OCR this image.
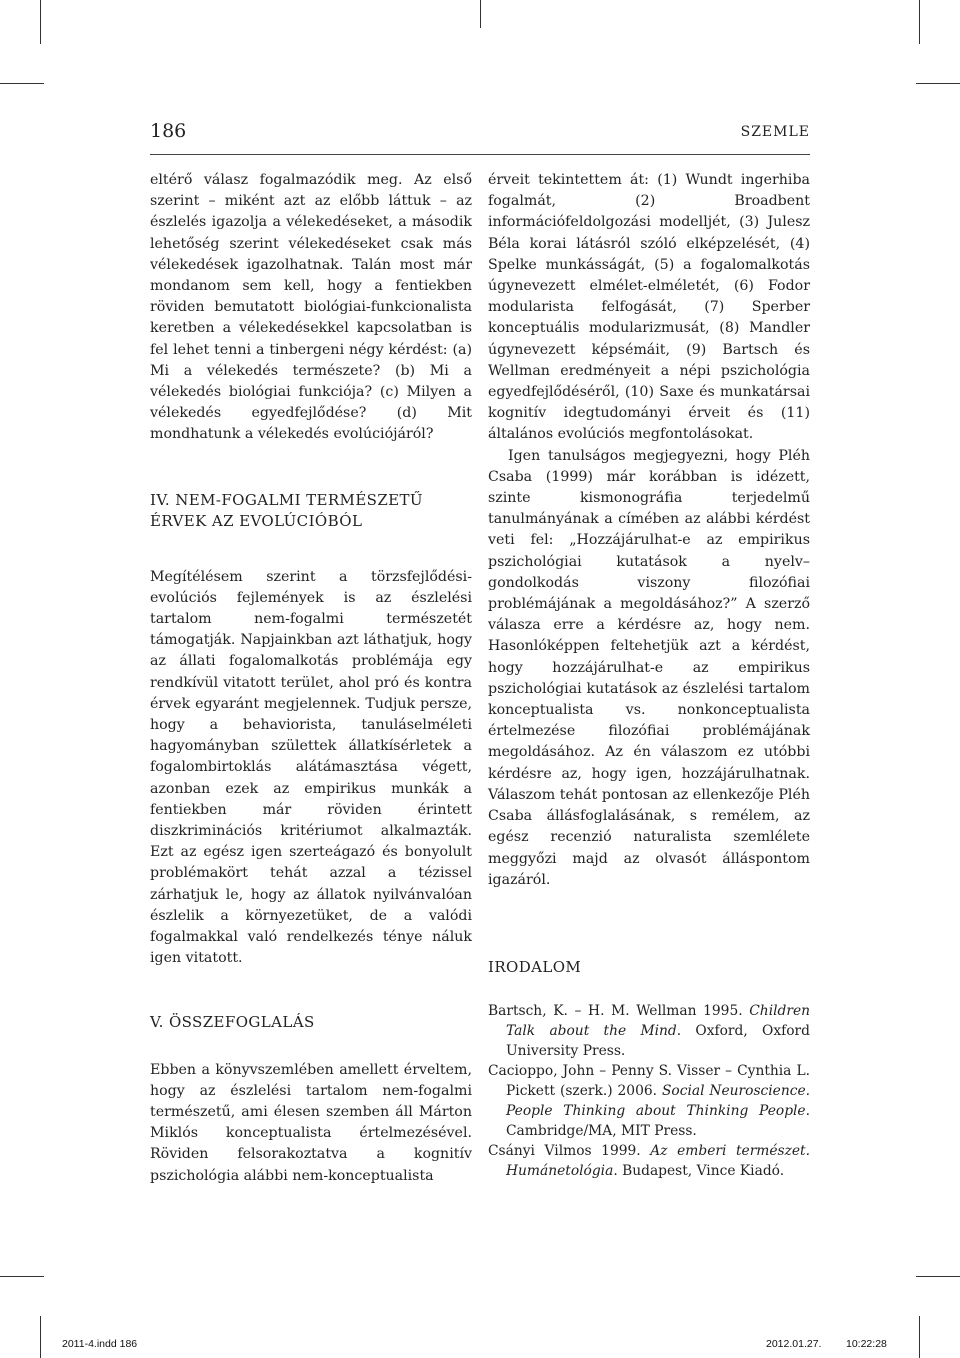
186	SZEMLE

eltérő válasz fogalmazódik meg. Az első szerint – miként azt az előbb láttuk – az észlelés igazolja a vélekedéseket, a második lehetőség szerint vélekedéseket csak más vélekedések igazolhatnak. Talán most már mondanom sem kell, hogy a fentiekben röviden bemutatott biológiai-funkcionalista keretben a vélekedésekkel kapcsolatban is fel lehet tenni a tinbergeni négy kérdést: (a) Mi a vélekedés természete? (b) Mi a vélekedés biológiai funkciója? (c) Milyen a vélekedés egyedfejlődése? (d) Mit mondhatunk a vélekedés evolúciójáról?

IV. NEM-FOGALMI TERMÉSZETŰ

ÉRVEK AZ EVOLÚCIÓBÓL

Megítélésem szerint a törzsfejlődési-evolúciós fejlemények is az észlelési tartalom nem-fogalmi természetét támogatják. Napjainkban azt láthatjuk, hogy az állati fogalomalkotás problémája egy rendkívül vitatott terület, ahol pró és kontra érvek egyaránt megjelennek. Tudjuk persze, hogy a behaviorista, tanuláselméleti hagyományban születtek állatkísérletek a fogalombirtoklás alátámasztása végett, azonban ezek az empirikus munkák a fentiekben már röviden érintett diszkriminációs kritériumot alkalmazták. Ezt az egész igen szerteágazó és bonyolult problémakört tehát azzal a tézissel zárhatjuk le, hogy az állatok nyilvánvalóan észlelik a környezetüket, de a valódi fogalmakkal való rendelkezés ténye náluk igen vitatott.

V. ÖSSZEFOGLALÁS

Ebben a könyvszemlében amellett érveltem, hogy az észlelési tartalom nem-fogalmi természetű, ami élesen szemben áll Márton Miklós konceptualista értelmezésével. Röviden felsorakoztatva a kognitív pszichológia alábbi nem-konceptualista

érveit tekintettem át: (1) Wundt ingerhiba fogalmát, (2) Broadbent információfeldolgozási modelljét, (3) Julesz Béla korai látásról szóló elképzelését, (4) Spelke munkásságát, (5) a fogalomalkotás úgynevezett elmélet-elméletét, (6) Fodor modularista felfogását, (7) Sperber konceptuális modularizmusát, (8) Mandler úgynevezett képsémáit, (9) Bartsch és Wellman eredményeit a népi pszichológia egyedfejlődéséről, (10) Saxe és munkatársai kognitív idegtudományi érveit és (11) általános evolúciós megfontolásokat.

Igen tanulságos megjegyezni, hogy Pléh Csaba (1999) már korábban is idézett, szinte kismonográfia terjedelmű tanulmányának a címében az alábbi kérdést veti fel: „Hozzájárulhat-e az empirikus pszichológiai kutatások a nyelv–gondolkodás viszony filozófiai problémájának a megoldásához?” A szerző válasza erre a kérdésre az, hogy nem. Hasonlóképpen feltehetjük azt a kérdést, hogy hozzájárulhat-e az empirikus pszichológiai kutatások az észlelési tartalom konceptualista vs. nonkonceptualista értelmezése filozófiai problémájának megoldásához. Az én válaszom ez utóbbi kérdésre az, hogy igen, hozzájárulhatnak. Válaszom tehát pontosan az ellenkezője Pléh Csaba állásfoglalásának, s remélem, az egész recenzió naturalista szemlélete meggyőzi majd az olvasót álláspontom igazáról.

IRODALOM

Bartsch, K. – H. M. Wellman 1995. Children Talk about the Mind. Oxford, Oxford University Press.

Cacioppo, John – Penny S. Visser – Cynthia L. Pickett (szerk.) 2006. Social Neuroscience. People Thinking about Thinking People. Cambridge/MA, MIT Press.

Csányi Vilmos 1999. Az emberi természet. Humánetológia. Budapest, Vince Kiadó.

2011-4.indd 186	2012.01.27. 10:22:28
